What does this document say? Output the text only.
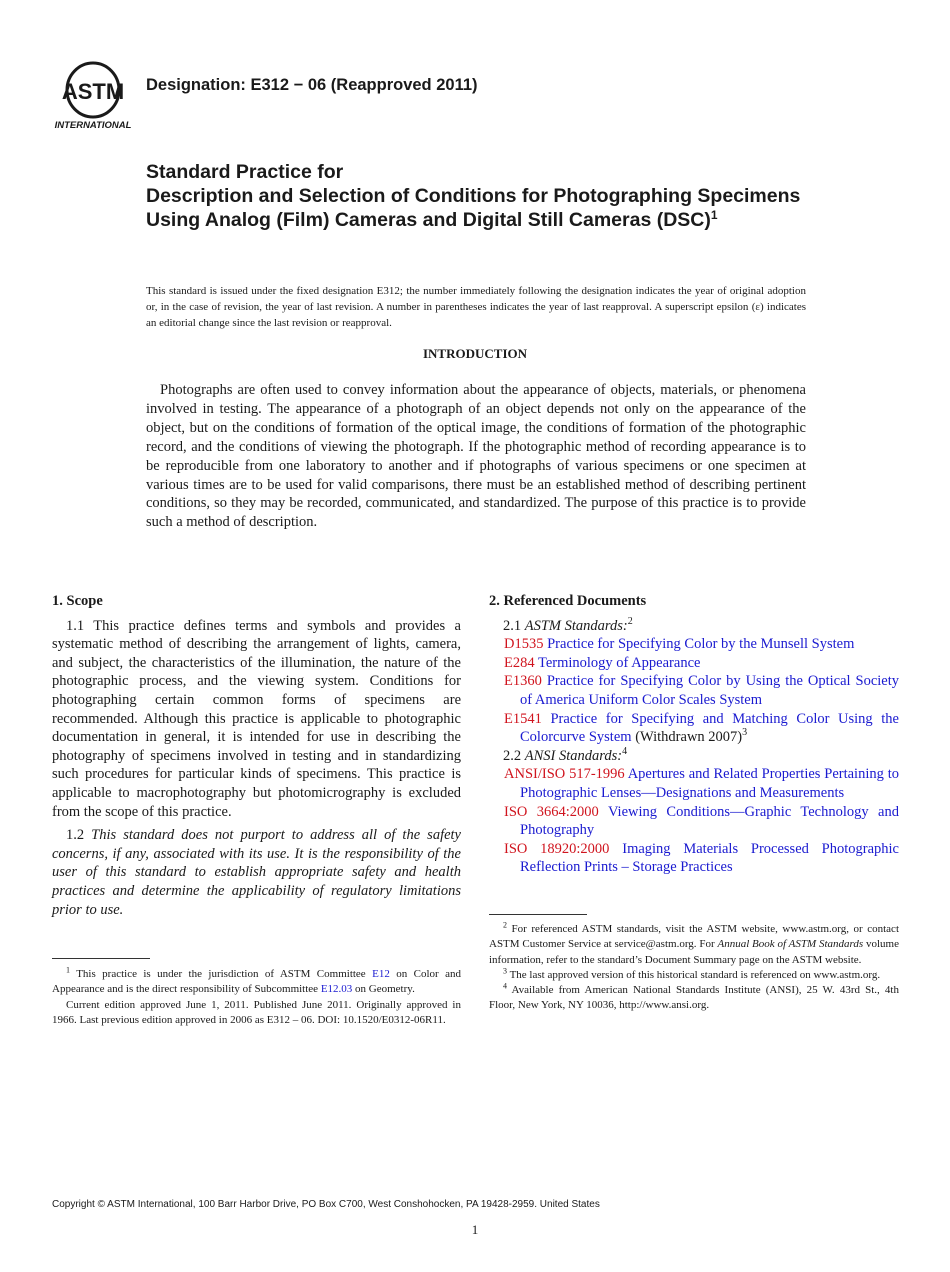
ASTM
INTERNATIONAL
Designation: E312 − 06 (Reapproved 2011)
Standard Practice for
Description and Selection of Conditions for Photographing Specimens Using Analog (Film) Cameras and Digital Still Cameras (DSC)$^1$
This standard is issued under the fixed designation E312; the number immediately following the designation indicates the year of original adoption or, in the case of revision, the year of last revision. A number in parentheses indicates the year of last reapproval. A superscript epsilon (ε) indicates an editorial change since the last revision or reapproval.
INTRODUCTION
Photographs are often used to convey information about the appearance of objects, materials, or phenomena involved in testing. The appearance of a photograph of an object depends not only on the appearance of the object, but on the conditions of formation of the optical image, the conditions of formation of the photographic record, and the conditions of viewing the photograph. If the photographic method of recording appearance is to be reproducible from one laboratory to another and if photographs of various specimens or one specimen at various times are to be used for valid comparisons, there must be an established method of describing pertinent conditions, so they may be recorded, communicated, and standardized. The purpose of this practice is to provide such a method of description.
1. Scope
1.1 This practice defines terms and symbols and provides a systematic method of describing the arrangement of lights, camera, and subject, the characteristics of the illumination, the nature of the photographic process, and the viewing system. Conditions for photographing certain common forms of specimens are recommended. Although this practice is applicable to photographic documentation in general, it is intended for use in describing the photography of specimens involved in testing and in standardizing such procedures for particular kinds of specimens. This practice is applicable to macrophotography but photomicrography is excluded from the scope of this practice.
1.2 This standard does not purport to address all of the safety concerns, if any, associated with its use. It is the responsibility of the user of this standard to establish appropriate safety and health practices and determine the applicability of regulatory limitations prior to use.
2. Referenced Documents
2.1 ASTM Standards:$^2$
D1535 Practice for Specifying Color by the Munsell System
E284 Terminology of Appearance
E1360 Practice for Specifying Color by Using the Optical Society of America Uniform Color Scales System
E1541 Practice for Specifying and Matching Color Using the Colorcurve System (Withdrawn 2007)$^3$
2.2 ANSI Standards:$^4$
ANSI/ISO 517-1996 Apertures and Related Properties Pertaining to Photographic Lenses—Designations and Measurements
ISO 3664:2000 Viewing Conditions—Graphic Technology and Photography
ISO 18920:2000 Imaging Materials Processed Photographic Reflection Prints – Storage Practices
$^1$ This practice is under the jurisdiction of ASTM Committee E12 on Color and Appearance and is the direct responsibility of Subcommittee E12.03 on Geometry.
Current edition approved June 1, 2011. Published June 2011. Originally approved in 1966. Last previous edition approved in 2006 as E312 – 06. DOI: 10.1520/E0312-06R11.
$^2$ For referenced ASTM standards, visit the ASTM website, www.astm.org, or contact ASTM Customer Service at service@astm.org. For Annual Book of ASTM Standards volume information, refer to the standard’s Document Summary page on the ASTM website.
$^3$ The last approved version of this historical standard is referenced on www.astm.org.
$^4$ Available from American National Standards Institute (ANSI), 25 W. 43rd St., 4th Floor, New York, NY 10036, http://www.ansi.org.
Copyright © ASTM International, 100 Barr Harbor Drive, PO Box C700, West Conshohocken, PA 19428-2959. United States
1
